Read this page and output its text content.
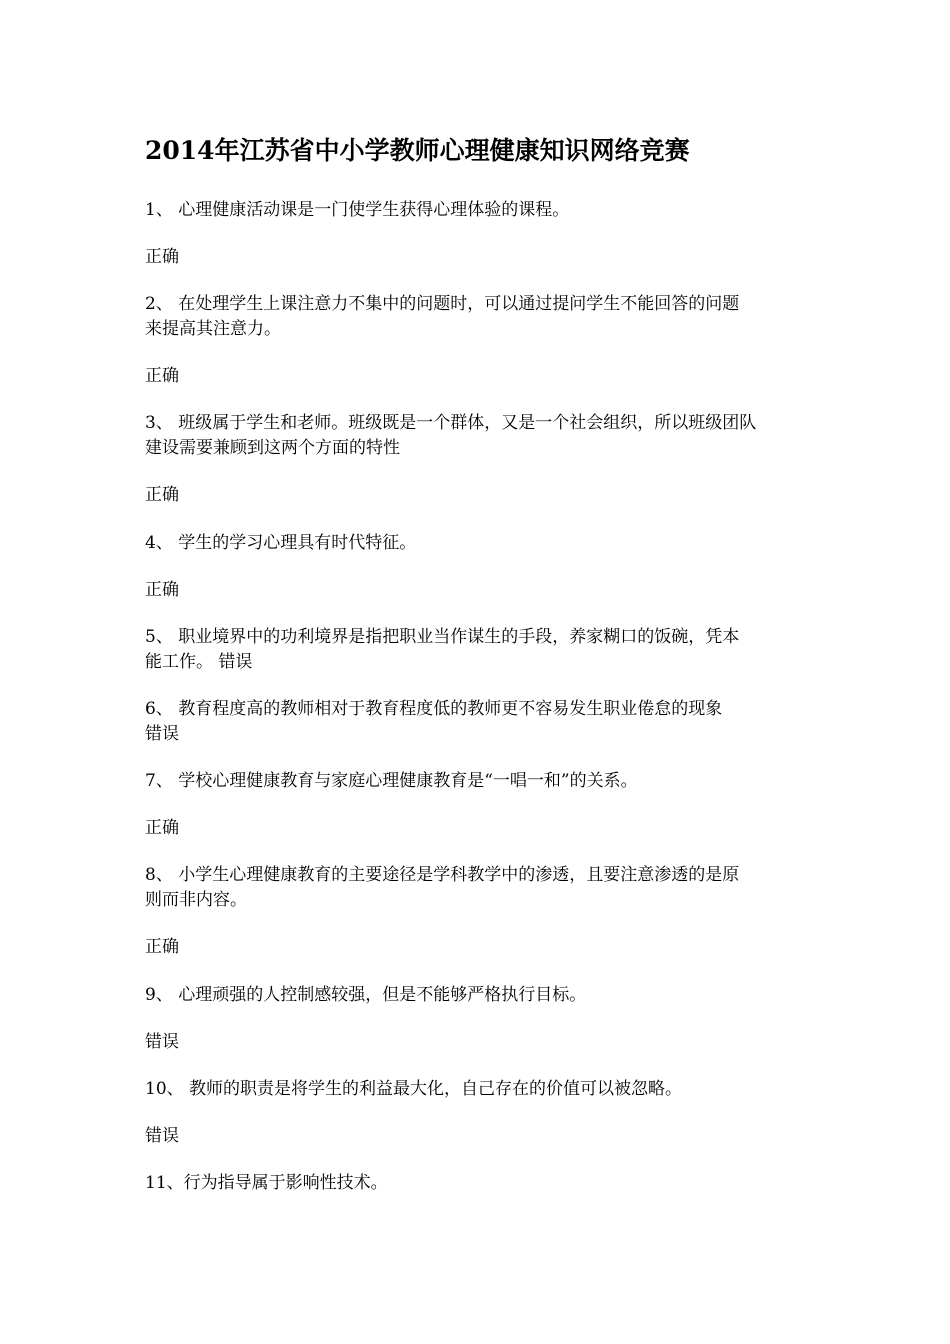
2014年江苏省中小学教师心理健康知识网络竞赛
1、 心理健康活动课是一门使学生获得心理体验的课程。
正确
2、 在处理学生上课注意力不集中的问题时，可以通过提问学生不能回答的问题
来提高其注意力。
正确
3、 班级属于学生和老师。班级既是一个群体，又是一个社会组织，所以班级团队
建设需要兼顾到这两个方面的特性
正确
4、 学生的学习心理具有时代特征。
正确
5、 职业境界中的功利境界是指把职业当作谋生的手段，养家糊口的饭碗，凭本
能工作。 错误
6、 教育程度高的教师相对于教育程度低的教师更不容易发生职业倦怠的现象
错误
7、 学校心理健康教育与家庭心理健康教育是“一唱一和”的关系。
正确
8、 小学生心理健康教育的主要途径是学科教学中的渗透，且要注意渗透的是原
则而非内容。
正确
9、 心理顽强的人控制感较强，但是不能够严格执行目标。
错误
10、 教师的职责是将学生的利益最大化，自己存在的价值可以被忽略。
错误
11、行为指导属于影响性技术。
